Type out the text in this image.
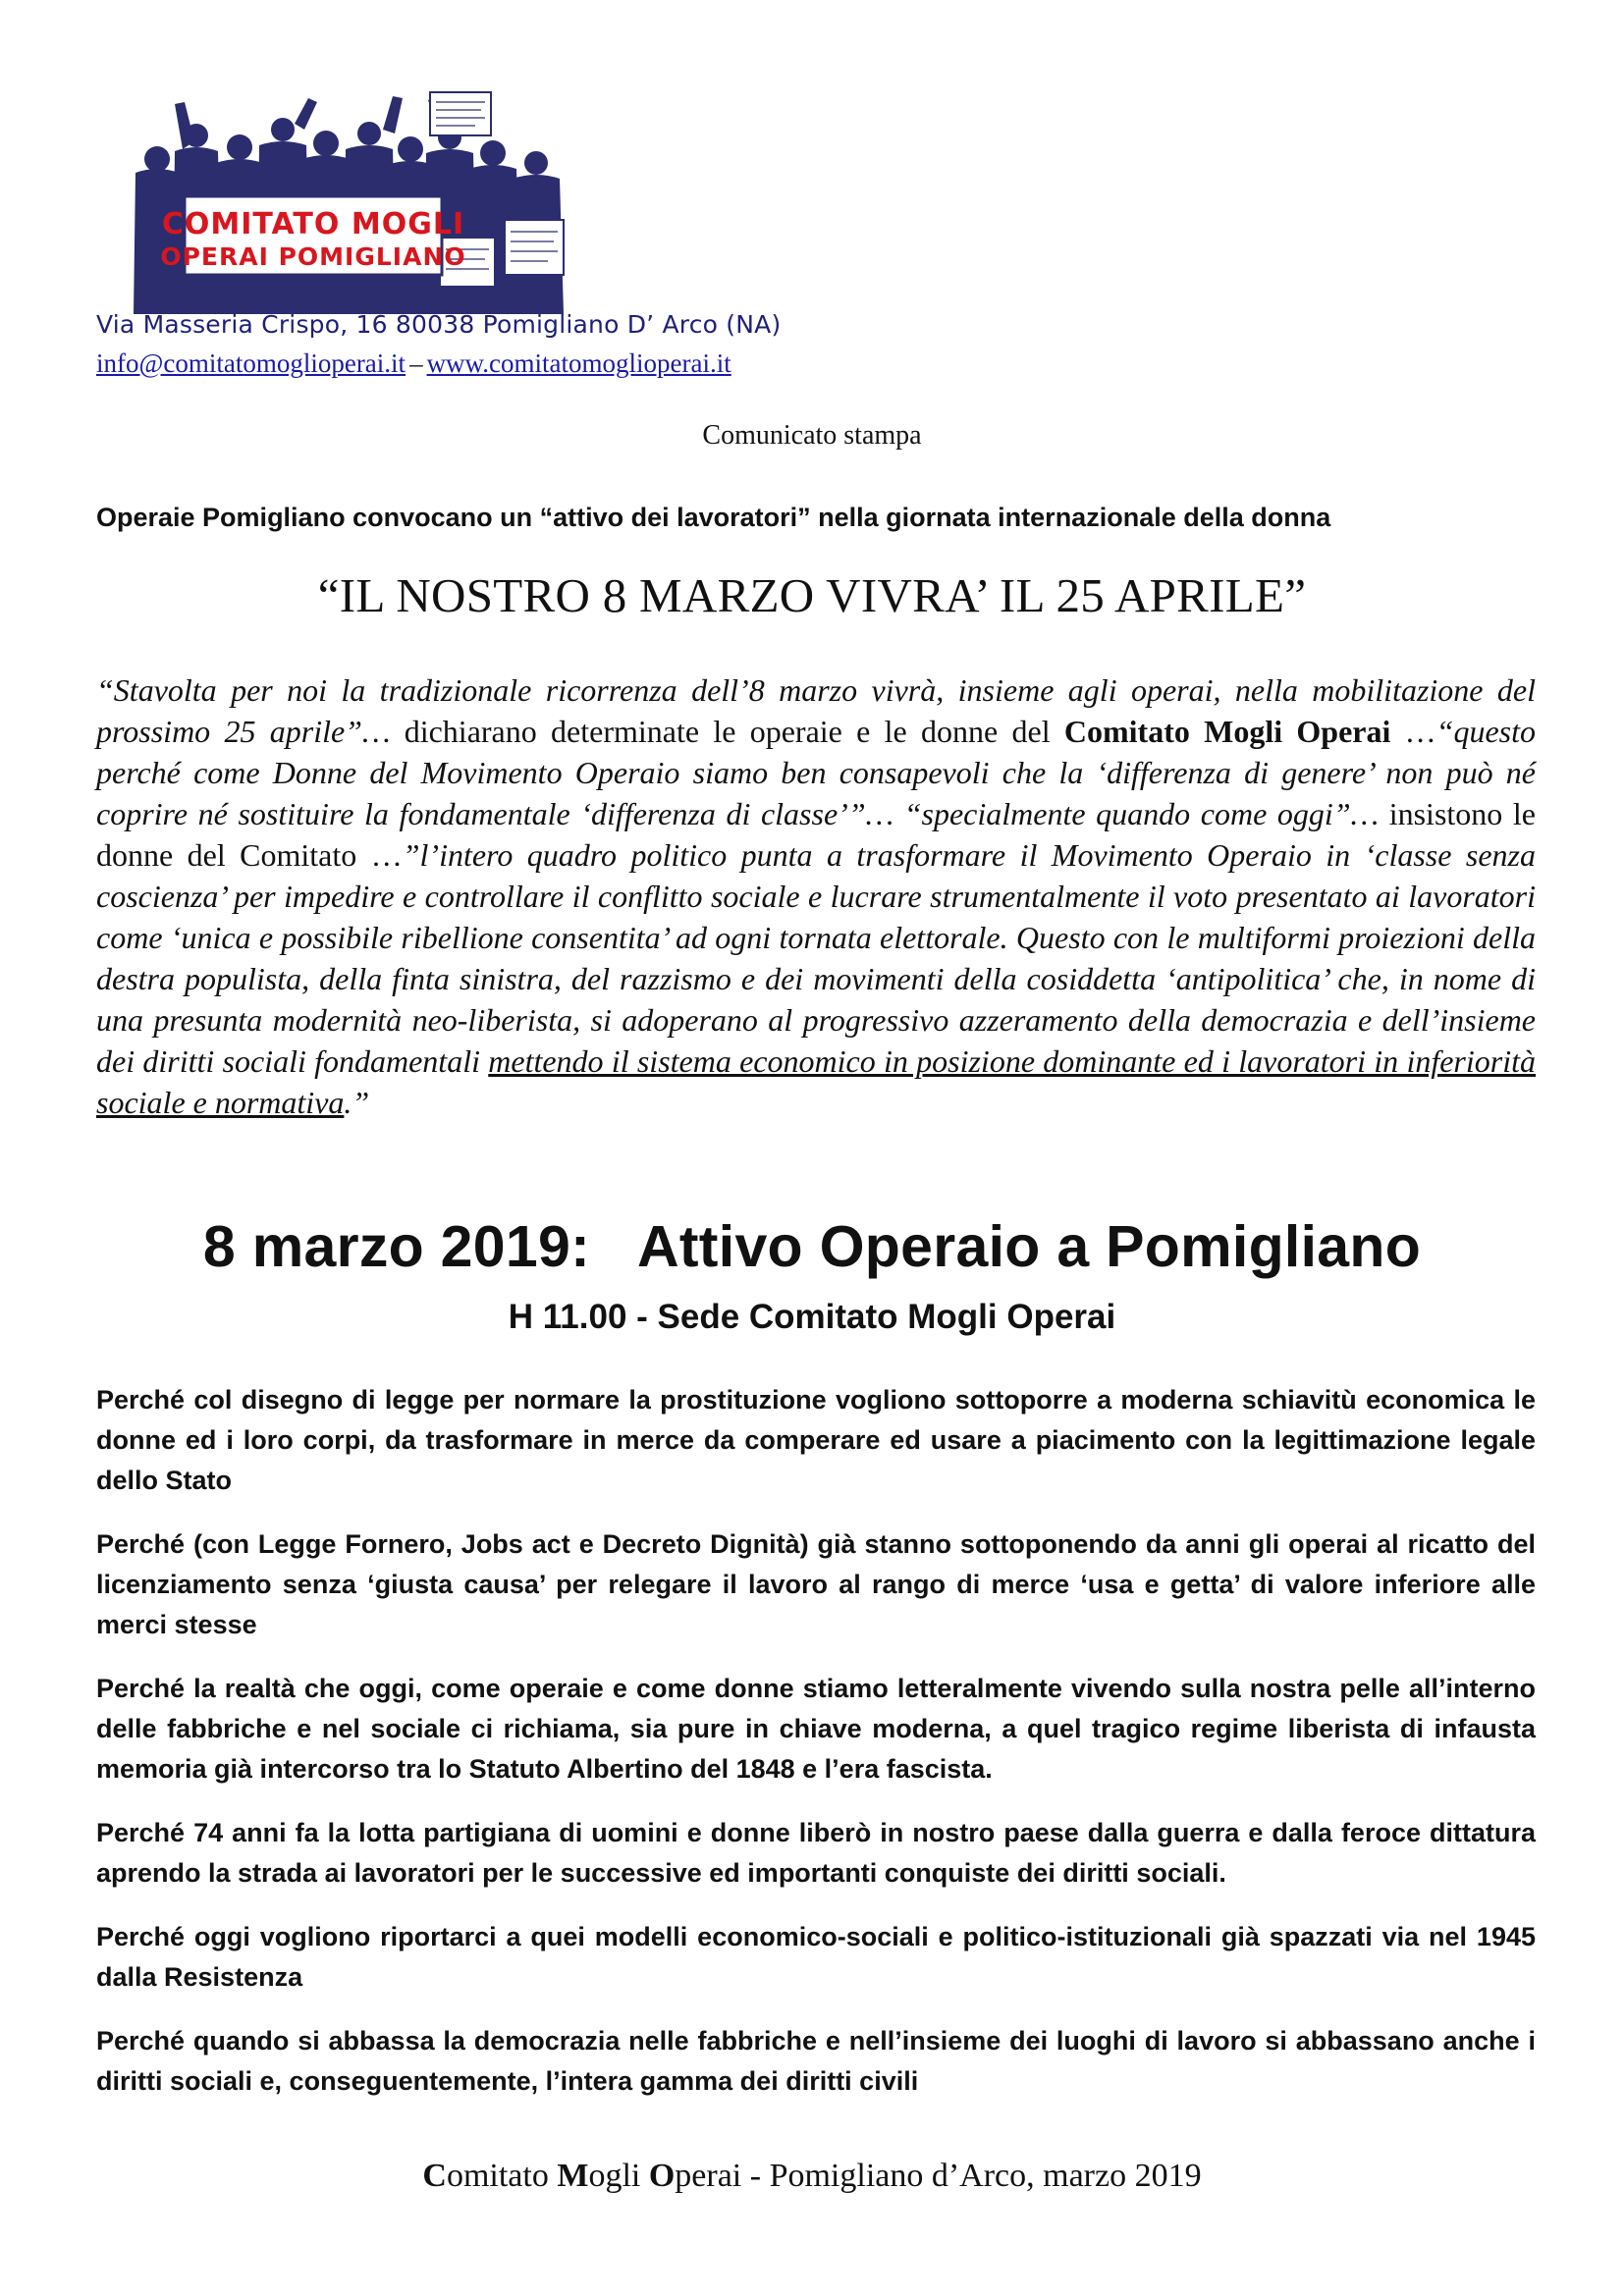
COMITATO MOGLI
OPERAI POMIGLIANO
Via Masseria Crispo, 16 80038 Pomigliano D’ Arco (NA)
info@comitatomoglioperai.it – www.comitatomoglioperai.it
Comunicato stampa
Operaie Pomigliano convocano un “attivo dei lavoratori” nella giornata internazionale della donna
“IL NOSTRO 8 MARZO VIVRA’ IL 25 APRILE”
“Stavolta per noi la tradizionale ricorrenza dell’8 marzo vivrà, insieme agli operai, nella mobilitazione del prossimo 25 aprile”… dichiarano determinate le operaie e le donne del Comitato Mogli Operai …“questo perché come Donne del Movimento Operaio siamo ben consapevoli che la ‘differenza di genere’ non può né coprire né sostituire la fondamentale ‘differenza di classe’”… “specialmente quando come oggi”… insistono le donne del Comitato …”l’intero quadro politico punta a trasformare il Movimento Operaio in ‘classe senza coscienza’ per impedire e controllare il conflitto sociale e lucrare strumentalmente il voto presentato ai lavoratori come ‘unica e possibile ribellione consentita’ ad ogni tornata elettorale. Questo con le multiformi proiezioni della destra populista, della finta sinistra, del razzismo e dei movimenti della cosiddetta ‘antipolitica’ che, in nome di una presunta modernità neo-liberista, si adoperano al progressivo azzeramento della democrazia e dell’insieme dei diritti sociali fondamentali mettendo il sistema economico in posizione dominante ed i lavoratori in inferiorità sociale e normativa.”
8 marzo 2019:   Attivo Operaio a Pomigliano
H 11.00 - Sede Comitato Mogli Operai

Perché col disegno di legge per normare la prostituzione vogliono sottoporre a moderna schiavitù economica le donne ed i loro corpi, da trasformare in merce da comperare ed usare a piacimento con la legittimazione legale dello Stato

Perché (con Legge Fornero, Jobs act e Decreto Dignità) già stanno sottoponendo da anni gli operai al ricatto del licenziamento senza ‘giusta causa’ per relegare il lavoro al rango di merce ‘usa e getta’ di valore inferiore alle merci stesse

Perché la realtà che oggi, come operaie e come donne stiamo letteralmente vivendo sulla nostra pelle all’interno delle fabbriche e nel sociale ci richiama, sia pure in chiave moderna, a quel tragico regime liberista di infausta memoria già intercorso tra lo Statuto Albertino del 1848 e l’era fascista.

Perché 74 anni fa la lotta partigiana di uomini e donne liberò in nostro paese dalla guerra e dalla feroce dittatura aprendo la strada ai lavoratori per le successive ed importanti conquiste dei diritti sociali.

Perché oggi vogliono riportarci a quei modelli economico-sociali e politico-istituzionali già spazzati via nel 1945 dalla Resistenza

Perché quando si abbassa la democrazia nelle fabbriche e nell’insieme dei luoghi di lavoro si abbassano anche i diritti sociali e, conseguentemente, l’intera gamma dei diritti civili

Comitato Mogli Operai - Pomigliano d’Arco, marzo 2019
